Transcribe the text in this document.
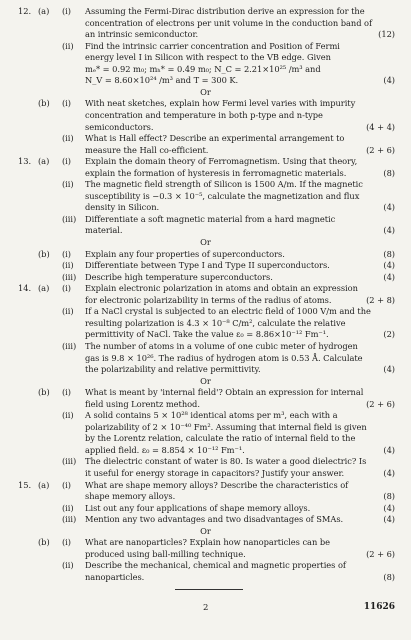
12. (a) (i) Assuming the Fermi-Dirac distribution derive an expression for the
concentration of electrons per unit volume in the conduction band of
an intrinsic semiconductor.	(12)
(ii) Find the intrinsic carrier concentration and Position of Fermi
energy level I in Silicon with respect to the VB edge. Given
mₑ* = 0.92 m₀; mₕ* = 0.49 m₀; N_C = 2.21×10²⁵ /m³ and
N_V = 8.60×10²⁴ /m³ and T = 300 K.	(4)
Or
(b) (i) With neat sketches, explain how Fermi level varies with impurity
concentration and temperature in both p-type and n-type
semiconductors.	(4 + 4)
(ii) What is Hall effect? Describe an experimental arrangement to
measure the Hall co-efficient.	(2 + 6)
13. (a) (i) Explain the domain theory of Ferromagnetism. Using that theory,
explain the formation of hysteresis in ferromagnetic materials.	(8)
(ii) The magnetic field strength of Silicon is 1500 A/m. If the magnetic
susceptibility is −0.3 × 10⁻⁵, calculate the magnetization and flux
density in Silicon.	(4)
(iii) Differentiate a soft magnetic material from a hard magnetic
material.	(4)
Or
(b) (i) Explain any four properties of superconductors.	(8)
(ii) Differentiate between Type I and Type II superconductors.	(4)
(iii) Describe high temperature superconductors.	(4)
14. (a) (i) Explain electronic polarization in atoms and obtain an expression
for electronic polarizability in terms of the radius of atoms.	(2 + 8)
(ii) If a NaCl crystal is subjected to an electric field of 1000 V/m and the
resulting polarization is 4.3 × 10⁻⁸ C/m², calculate the relative
permittivity of NaCl. Take the value ε₀ = 8.86×10⁻¹² Fm⁻¹.	(2)
(iii) The number of atoms in a volume of one cubic meter of hydrogen
gas is 9.8 × 10²⁶. The radius of hydrogen atom is 0.53 Å. Calculate
the polarizability and relative permittivity.	(4)
Or
(b) (i) What is meant by 'internal field'? Obtain an expression for internal
field using Lorentz method.	(2 + 6)
(ii) A solid contains 5 × 10²⁸ identical atoms per m³, each with a
polarizability of 2 × 10⁻⁴⁰ Fm². Assuming that internal field is given
by the Lorentz relation, calculate the ratio of internal field to the
applied field. ε₀ = 8.854 × 10⁻¹² Fm⁻¹.	(4)
(iii) The dielectric constant of water is 80. Is water a good dielectric? Is
it useful for energy storage in capacitors? Justify your answer.	(4)
15. (a) (i) What are shape memory alloys? Describe the characteristics of
shape memory alloys.	(8)
(ii) List out any four applications of shape memory alloys.	(4)
(iii) Mention any two advantages and two disadvantages of SMAs.	(4)
Or
(b) (i) What are nanoparticles? Explain how nanoparticles can be
produced using ball-milling technique.	(2 + 6)
(ii) Describe the mechanical, chemical and magnetic properties of
nanoparticles.	(8)
2	11626
